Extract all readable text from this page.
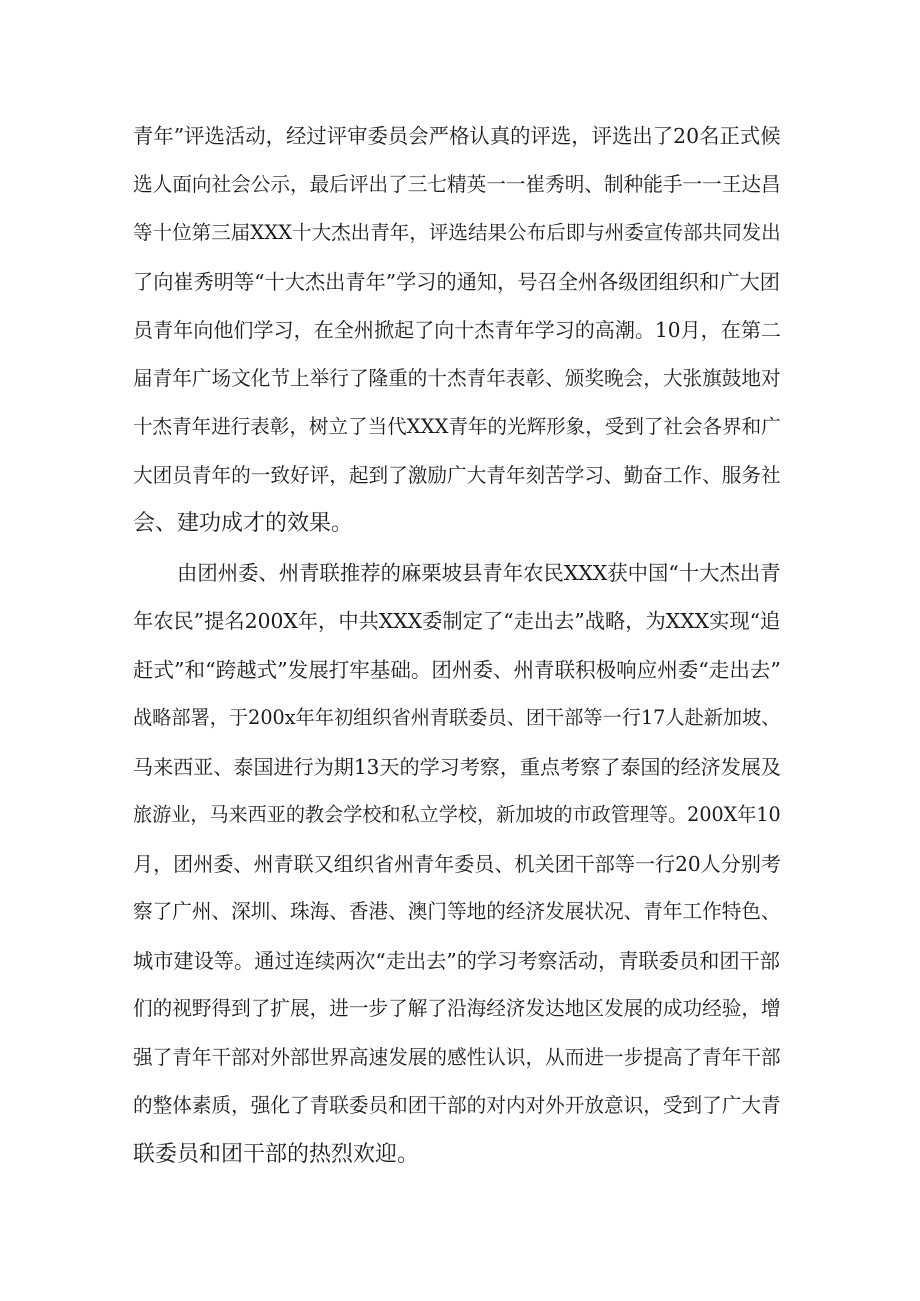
青年”评选活动，经过评审委员会严格认真的评选，评选出了20名正式候
选人面向社会公示，最后评出了三七精英一一崔秀明、制种能手一一王达昌
等十位第三届XXX十大杰出青年，评选结果公布后即与州委宣传部共同发出
了向崔秀明等“十大杰出青年”学习的通知，号召全州各级团组织和广大团
员青年向他们学习，在全州掀起了向十杰青年学习的高潮。10月，在第二
届青年广场文化节上举行了隆重的十杰青年表彰、颁奖晚会，大张旗鼓地对
十杰青年进行表彰，树立了当代XXX青年的光辉形象，受到了社会各界和广
大团员青年的一致好评，起到了激励广大青年刻苦学习、勤奋工作、服务社
会、建功成才的效果。
由团州委、州青联推荐的麻栗坡县青年农民XXX获中国“十大杰出青
年农民”提名200X年，中共XXX委制定了“走出去”战略，为XXX实现“追
赶式”和“跨越式”发展打牢基础。团州委、州青联积极响应州委“走出去”
战略部署，于200x年年初组织省州青联委员、团干部等一行17人赴新加坡、
马来西亚、泰国进行为期13天的学习考察，重点考察了泰国的经济发展及
旅游业，马来西亚的教会学校和私立学校，新加坡的市政管理等。200X年10
月，团州委、州青联又组织省州青年委员、机关团干部等一行20人分别考
察了广州、深圳、珠海、香港、澳门等地的经济发展状况、青年工作特色、
城市建设等。通过连续两次“走出去”的学习考察活动，青联委员和团干部
们的视野得到了扩展，进一步了解了沿海经济发达地区发展的成功经验，增
强了青年干部对外部世界高速发展的感性认识，从而进一步提高了青年干部
的整体素质，强化了青联委员和团干部的对内对外开放意识，受到了广大青
联委员和团干部的热烈欢迎。
